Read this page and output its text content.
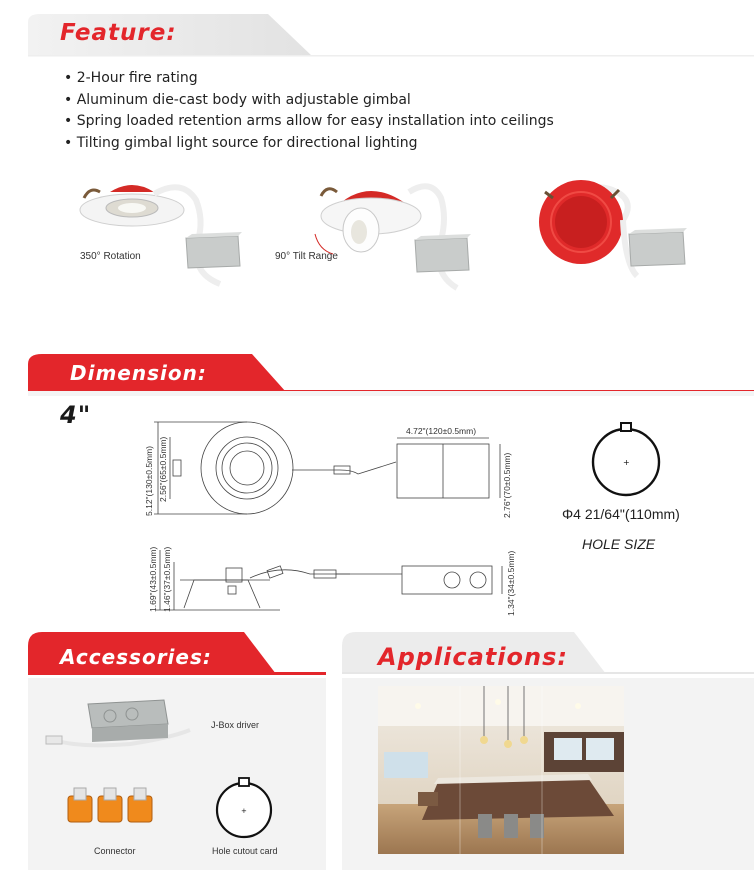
Feature:
• 2-Hour fire rating
• Aluminum die-cast body with adjustable gimbal
• Spring loaded retention arms allow for easy installation into ceilings
• Tilting gimbal light source for directional lighting
350° Rotation	90° Tilt Range
Dimension:
4"
5.12"(130±0.5mm) 2.56"(65±0.5mm)
4.72"(120±0.5mm)
2.76"(70±0.5mm)
1.69"(43±0.5mm) 1.46"(37±0.5mm)	1.34"(34±0.5mm)
+
Φ4 21/64"(110mm)
HOLE SIZE
Accessories:
J-Box driver
Connector
+
Hole cutout card
Applications:
